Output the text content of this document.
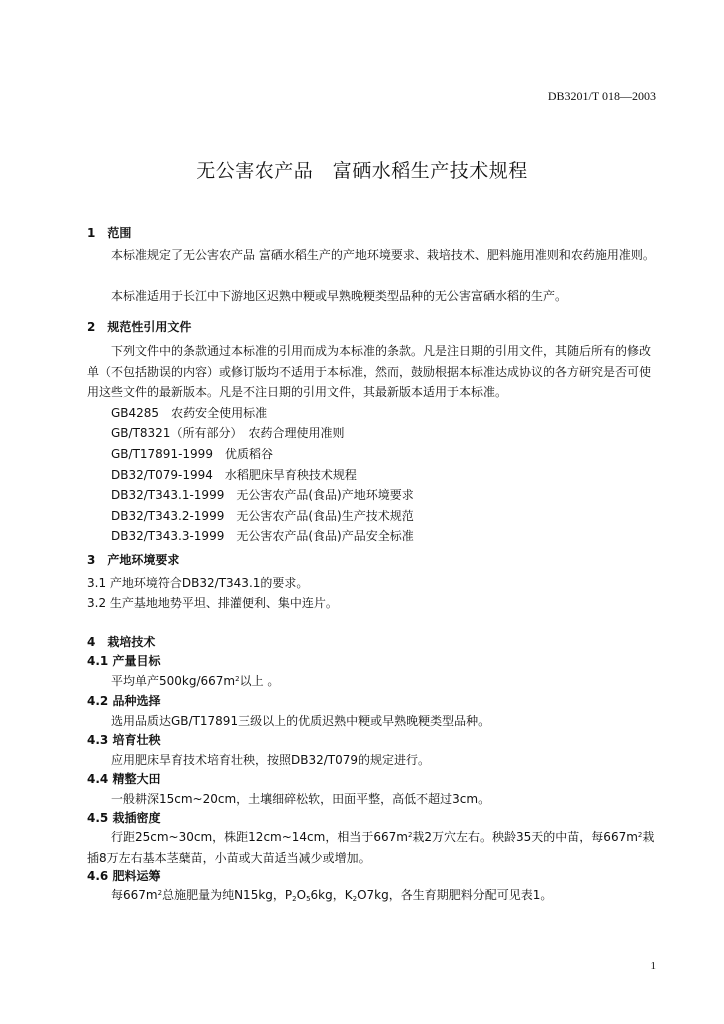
DB3201/T 018—2003
无公害农产品　富硒水稻生产技术规程
1　范围
本标准规定了无公害农产品 富硒水稻生产的产地环境要求、栽培技术、肥料施用准则和农药施用准则。
本标准适用于长江中下游地区迟熟中粳或早熟晚粳类型品种的无公害富硒水稻的生产。
2　规范性引用文件
下列文件中的条款通过本标准的引用而成为本标准的条款。凡是注日期的引用文件，其随后所有的修改单（不包括勘误的内容）或修订版均不适用于本标准，然而，鼓励根据本标准达成协议的各方研究是否可使用这些文件的最新版本。凡是不注日期的引用文件，其最新版本适用于本标准。
GB4285　农药安全使用标准
GB/T8321（所有部分）　农药合理使用准则
GB/T17891-1999　优质稻谷
DB32/T079-1994　水稻肥床旱育秧技术规程
DB32/T343.1-1999　无公害农产品(食品)产地环境要求
DB32/T343.2-1999　无公害农产品(食品)生产技术规范
DB32/T343.3-1999　无公害农产品(食品)产品安全标准
3　产地环境要求
3.1 产地环境符合DB32/T343.1的要求。
3.2 生产基地地势平坦、排灌便利、集中连片。
4　栽培技术
4.1 产量目标
平均单产$500kg/667m^2$以上 。
4.2 品种选择
选用品质达GB/T17891三级以上的优质迟熟中粳或早熟晚粳类型品种。
4.3 培育壮秧
应用肥床旱育技术培育壮秧，按照DB32/T079的规定进行。
4.4 精整大田
一般耕深15cm~20cm，土壤细碎松软，田面平整，高低不超过3cm。
4.5 栽插密度
行距25cm~30cm，株距12cm~14cm，相当于$667m^2$栽2万穴左右。秧龄35天的中苗，每$667m^2$栽插8万左右基本茎蘖苗，小苗或大苗适当减少或增加。
4.6 肥料运筹
每$667m^2$总施肥量为纯N15kg，$P_2O_56kg$，$K_2O7kg$，各生育期肥料分配可见表1。
1
